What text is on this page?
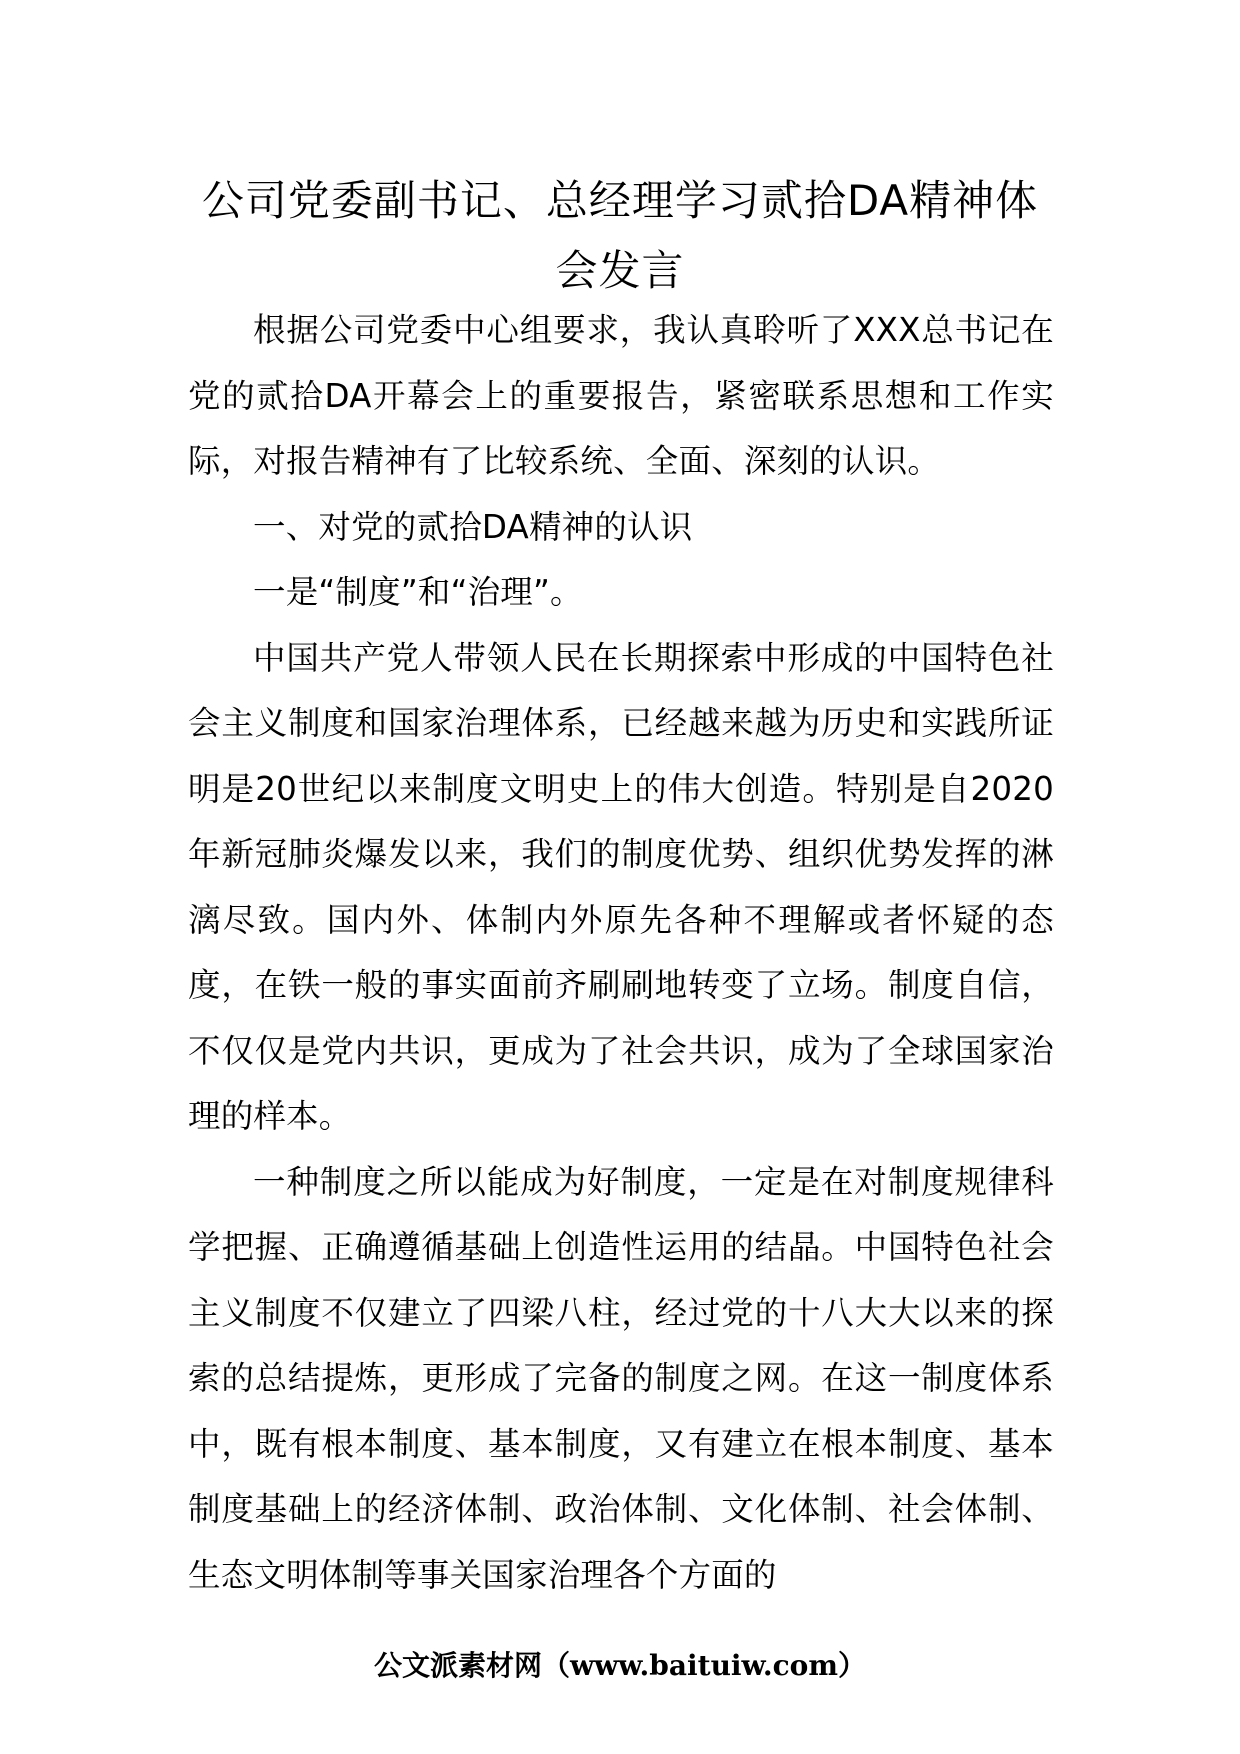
公司党委副书记、总经理学习贰拾DA精神体会发言

根据公司党委中心组要求，我认真聆听了XXX总书记在党的贰拾DA开幕会上的重要报告，紧密联系思想和工作实际，对报告精神有了比较系统、全面、深刻的认识。

一、对党的贰拾DA精神的认识

一是“制度”和“治理”。

中国共产党人带领人民在长期探索中形成的中国特色社会主义制度和国家治理体系，已经越来越为历史和实践所证明是20世纪以来制度文明史上的伟大创造。特别是自2020年新冠肺炎爆发以来，我们的制度优势、组织优势发挥的淋漓尽致。国内外、体制内外原先各种不理解或者怀疑的态度，在铁一般的事实面前齐刷刷地转变了立场。制度自信，不仅仅是党内共识，更成为了社会共识，成为了全球国家治理的样本。

一种制度之所以能成为好制度，一定是在对制度规律科学把握、正确遵循基础上创造性运用的结晶。中国特色社会主义制度不仅建立了四梁八柱，经过党的十八大大以来的探索的总结提炼，更形成了完备的制度之网。在这一制度体系中，既有根本制度、基本制度，又有建立在根本制度、基本制度基础上的经济体制、政治体制、文化体制、社会体制、生态文明体制等事关国家治理各个方面的

公文派素材网（www.baituiw.com）
